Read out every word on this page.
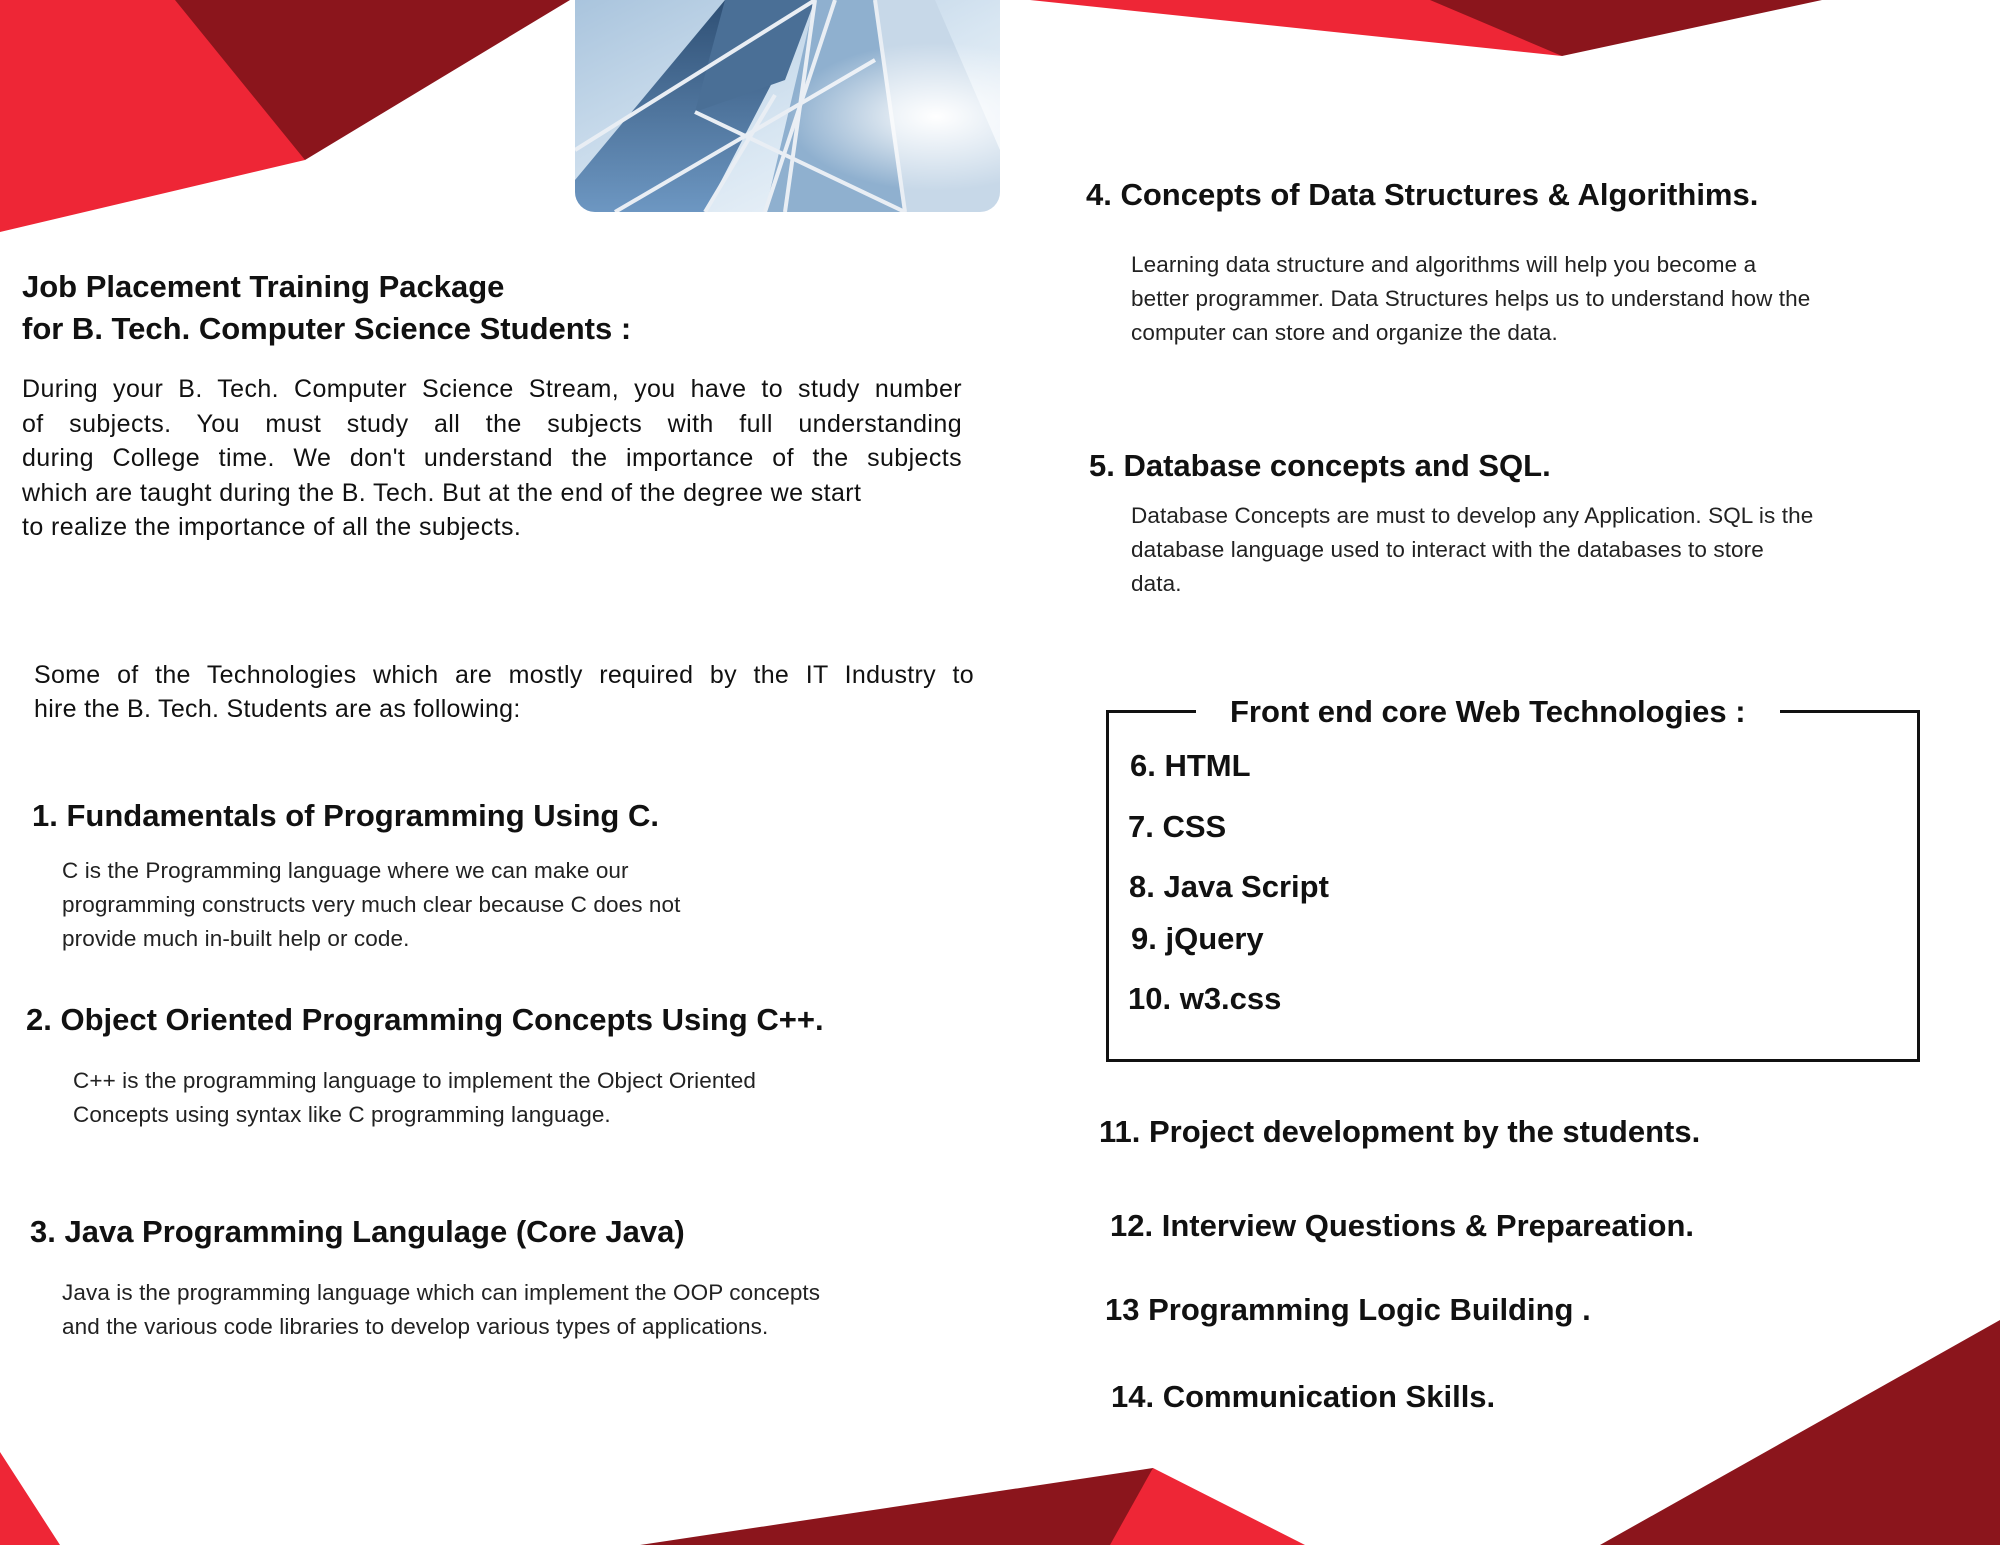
Job Placement Training Package
for B. Tech. Computer Science Students :
During your B. Tech. Computer Science Stream, you have to study number
of subjects. You must study all the subjects with full understanding
during College time. We don't understand the importance of the subjects
which are taught during the B. Tech. But at the end of the degree we start
to realize the importance of all the subjects.
Some of the Technologies which are mostly required by the IT Industry to
hire the B. Tech. Students are as following:
1. Fundamentals of Programming Using C.
C is the Programming language where we can make our
programming constructs very much clear because C does not
provide much in-built help or code.
2. Object Oriented Programming Concepts Using C++.
C++ is the programming language to implement the Object Oriented
Concepts using syntax like C programming language.
3. Java Programming Langulage (Core Java)
Java is the programming language which can implement the OOP concepts
and the various code libraries to develop various types of applications.
4. Concepts of Data Structures & Algorithims.
Learning data structure and algorithms will help you become a
better programmer. Data Structures helps us to understand how the
computer can store and organize the data.
5. Database concepts and SQL.
Database Concepts are must to develop any Application. SQL is the
database language used to interact with the databases to store
data.
Front end core Web Technologies :
6. HTML
7. CSS
8. Java Script
9. jQuery
10. w3.css
11. Project development by the students.
12. Interview Questions & Prepareation.
13 Programming Logic Building .
14. Communication Skills.
